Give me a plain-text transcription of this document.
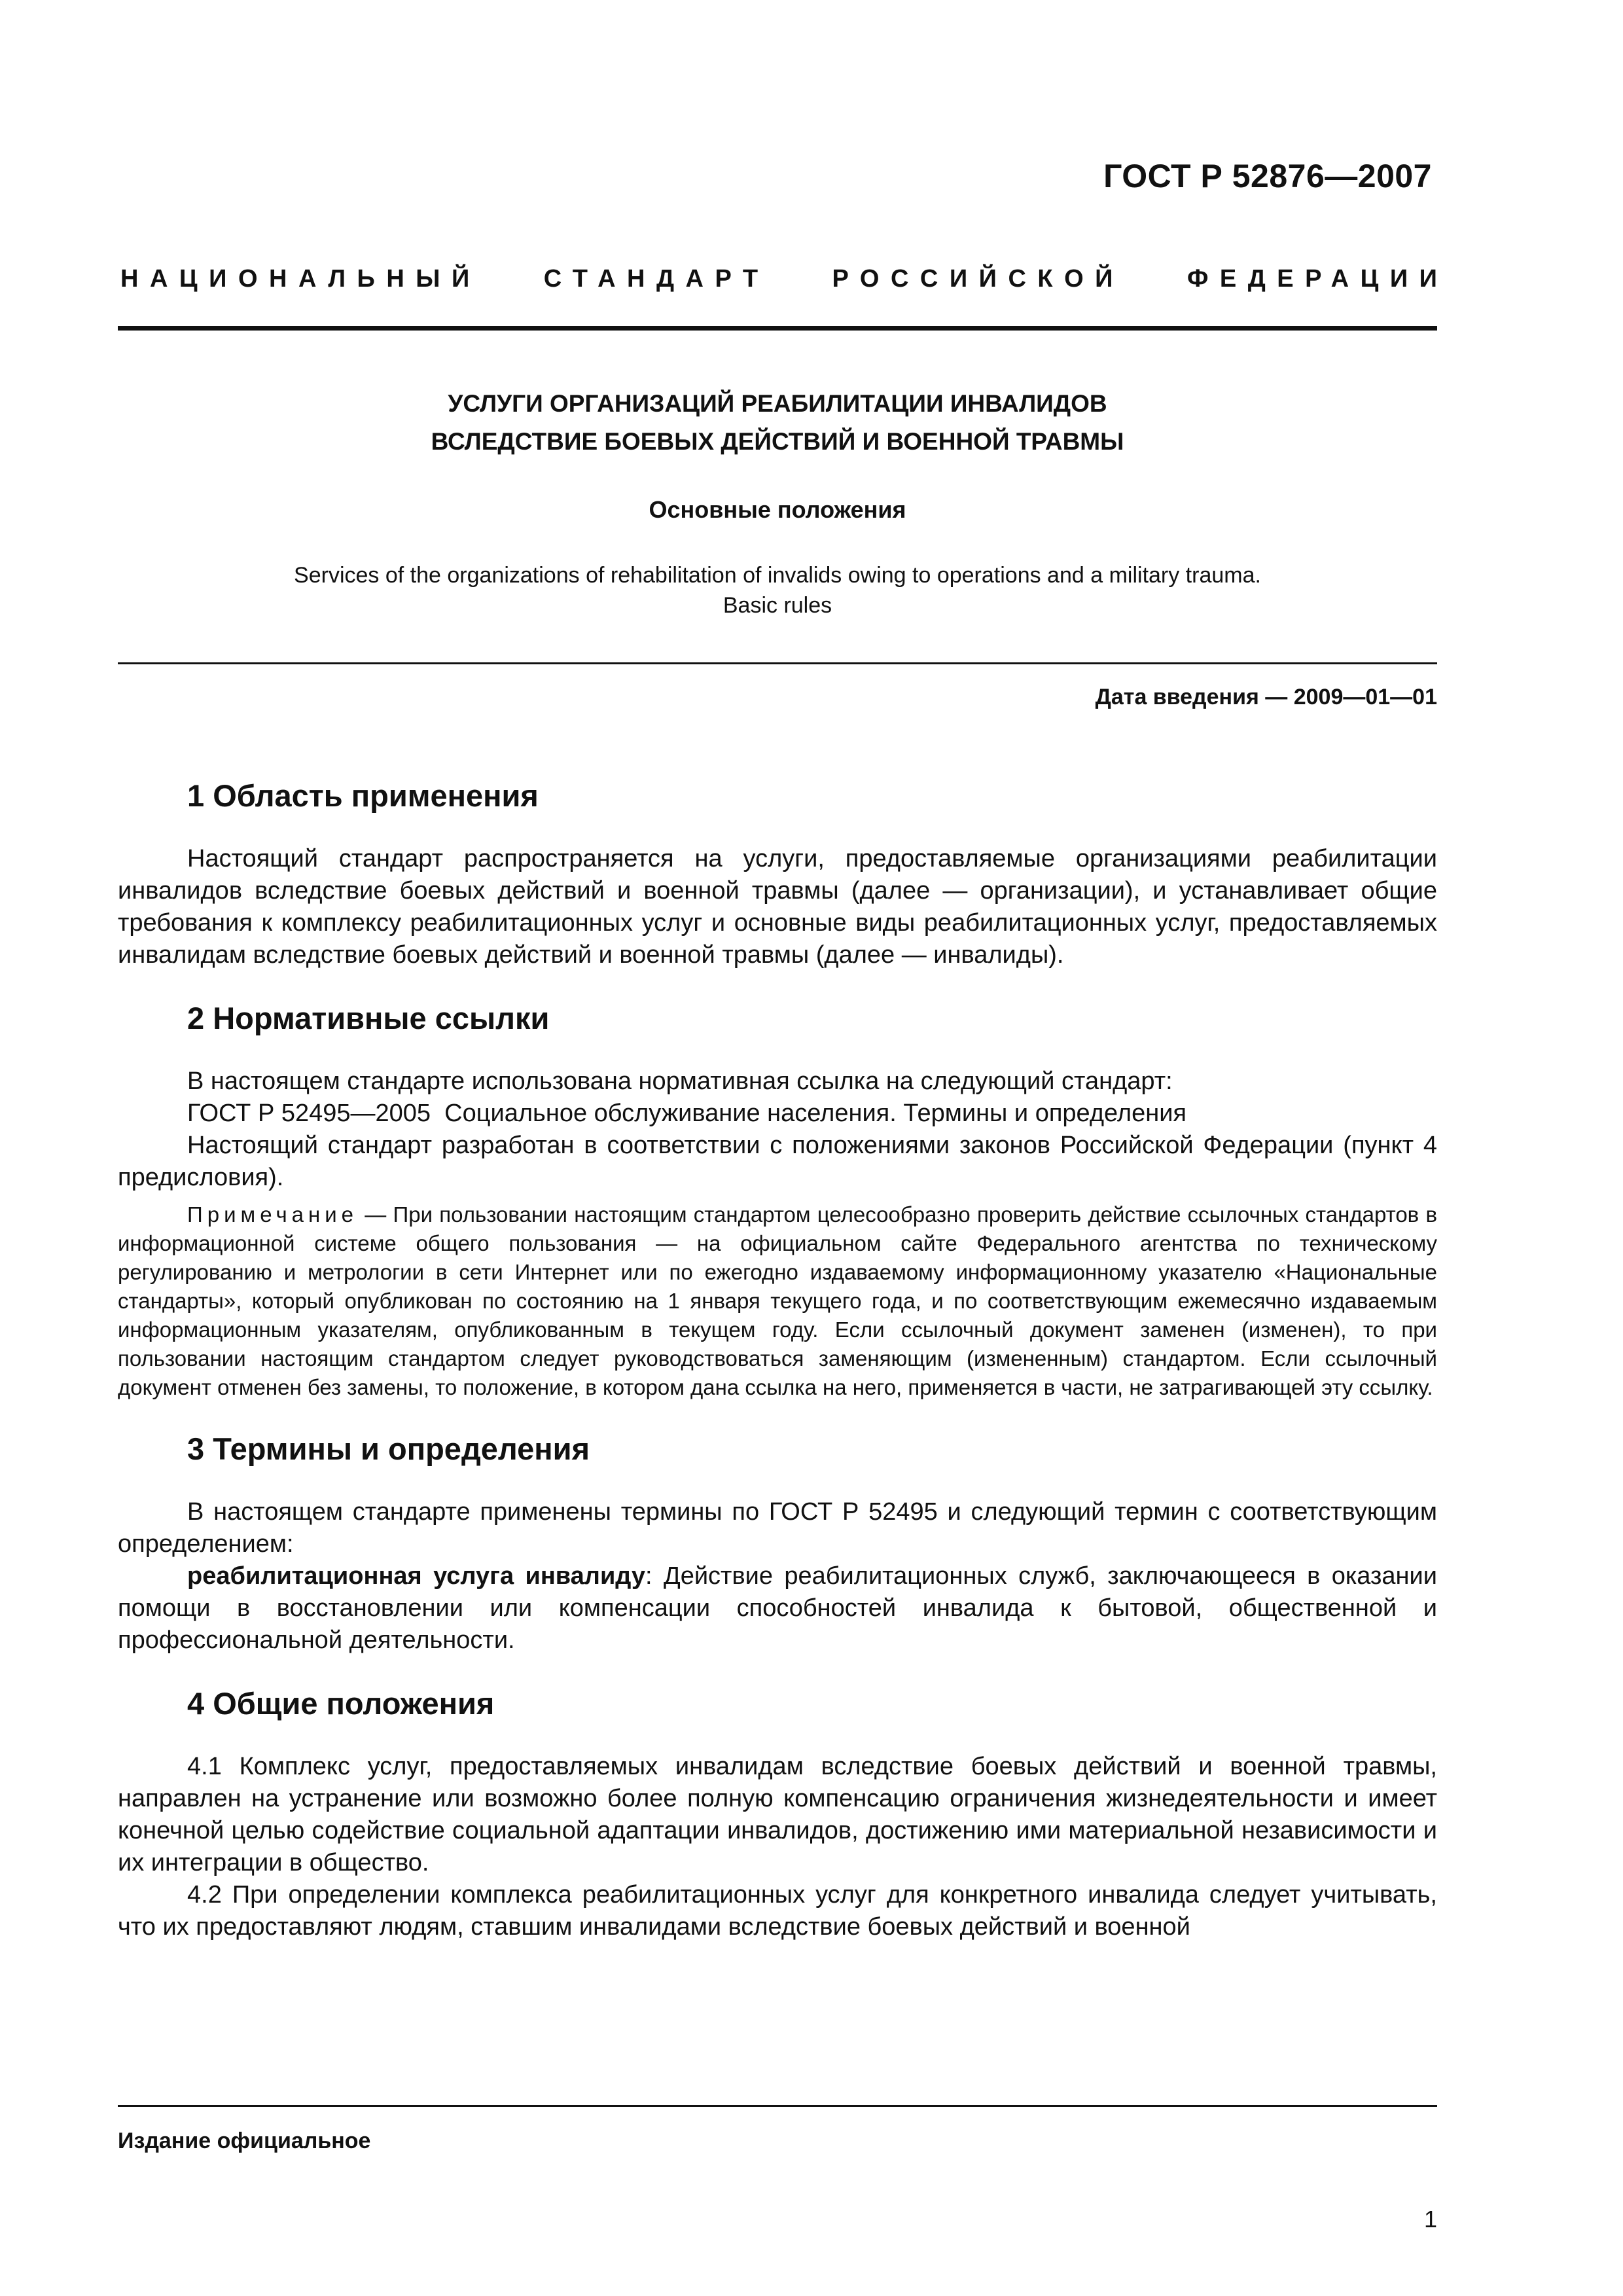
ГОСТ Р 52876—2007
НАЦИОНАЛЬНЫЙ	СТАНДАРТ	РОССИЙСКОЙ	ФЕДЕРАЦИИ
УСЛУГИ ОРГАНИЗАЦИЙ РЕАБИЛИТАЦИИ ИНВАЛИДОВ
ВСЛЕДСТВИЕ БОЕВЫХ ДЕЙСТВИЙ И ВОЕННОЙ ТРАВМЫ
Основные положения
Services of the organizations of rehabilitation of invalids owing to operations and a military trauma.
Basic rules
Дата введения — 2009—01—01
1 Область применения

Настоящий стандарт распространяется на услуги, предоставляемые организациями реабилитации инвалидов вследствие боевых действий и военной травмы (далее — организации), и устанавливает общие требования к комплексу реабилитационных услуг и основные виды реабилитационных услуг, предоставляемых инвалидам вследствие боевых действий и военной травмы (далее — инвалиды).

2 Нормативные ссылки

В настоящем стандарте использована нормативная ссылка на следующий стандарт:

ГОСТ Р 52495—2005  Социальное обслуживание населения. Термины и определения

Настоящий стандарт разработан в соответствии с положениями законов Российской Федерации (пункт 4 предисловия).

Примечание — При пользовании настоящим стандартом целесообразно проверить действие ссылочных стандартов в информационной системе общего пользования — на официальном сайте Федерального агентства по техническому регулированию и метрологии в сети Интернет или по ежегодно издаваемому информационному указателю «Национальные стандарты», который опубликован по состоянию на 1 января текущего года, и по соответствующим ежемесячно издаваемым информационным указателям, опубликованным в текущем году. Если ссылочный документ заменен (изменен), то при пользовании настоящим стандартом следует руководствоваться заменяющим (измененным) стандартом. Если ссылочный документ отменен без замены, то положение, в котором дана ссылка на него, применяется в части, не затрагивающей эту ссылку.

3 Термины и определения

В настоящем стандарте применены термины по ГОСТ Р 52495 и следующий термин с соответствующим определением:

реабилитационная услуга инвалиду: Действие реабилитационных служб, заключающееся в оказании помощи в восстановлении или компенсации способностей инвалида к бытовой, общественной и профессиональной деятельности.

4 Общие положения

4.1 Комплекс услуг, предоставляемых инвалидам вследствие боевых действий и военной травмы, направлен на устранение или возможно более полную компенсацию ограничения жизнедеятельности и имеет конечной целью содействие социальной адаптации инвалидов, достижению ими материальной независимости и их интеграции в общество.

4.2 При определении комплекса реабилитационных услуг для конкретного инвалида следует учитывать, что их предоставляют людям, ставшим инвалидами вследствие боевых действий и военной

Издание официальное
1
